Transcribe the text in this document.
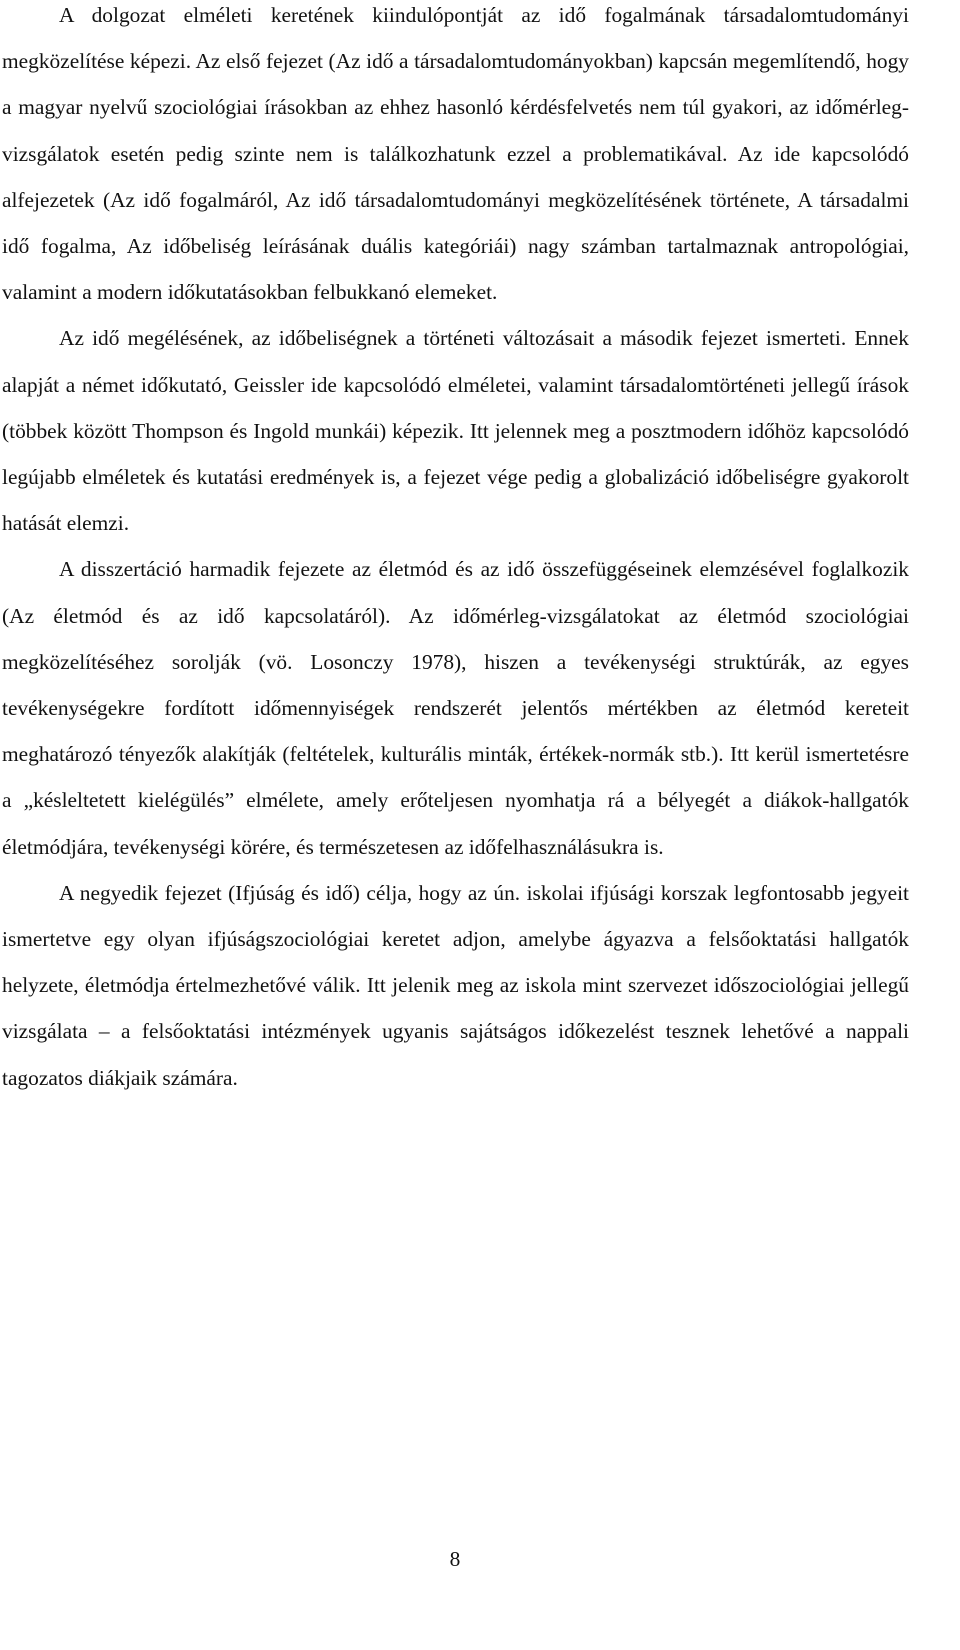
A dolgozat elméleti keretének kiindulópontját az idő fogalmának társadalomtudományi megközelítése képezi. Az első fejezet (Az idő a társadalomtudományokban) kapcsán megemlítendő, hogy a magyar nyelvű szociológiai írásokban az ehhez hasonló kérdésfelvetés nem túl gyakori, az időmérleg-vizsgálatok esetén pedig szinte nem is találkozhatunk ezzel a problematikával. Az ide kapcsolódó alfejezetek (Az idő fogalmáról, Az idő társadalomtudományi megközelítésének története, A társadalmi idő fogalma, Az időbeliség leírásának duális kategóriái) nagy számban tartalmaznak antropológiai, valamint a modern időkutatásokban felbukkanó elemeket.

Az idő megélésének, az időbeliségnek a történeti változásait a második fejezet ismerteti. Ennek alapját a német időkutató, Geissler ide kapcsolódó elméletei, valamint társadalomtörténeti jellegű írások (többek között Thompson és Ingold munkái) képezik. Itt jelennek meg a posztmodern időhöz kapcsolódó legújabb elméletek és kutatási eredmények is, a fejezet vége pedig a globalizáció időbeliségre gyakorolt hatását elemzi.

A disszertáció harmadik fejezete az életmód és az idő összefüggéseinek elemzésével foglalkozik (Az életmód és az idő kapcsolatáról). Az időmérleg-vizsgálatokat az életmód szociológiai megközelítéséhez sorolják (vö. Losonczy 1978), hiszen a tevékenységi struktúrák, az egyes tevékenységekre fordított időmennyiségek rendszerét jelentős mértékben az életmód kereteit meghatározó tényezők alakítják (feltételek, kulturális minták, értékek-normák stb.). Itt kerül ismertetésre a „késleltetett kielégülés” elmélete, amely erőteljesen nyomhatja rá a bélyegét a diákok-hallgatók életmódjára, tevékenységi körére, és természetesen az időfelhasználásukra is.

A negyedik fejezet (Ifjúság és idő) célja, hogy az ún. iskolai ifjúsági korszak legfontosabb jegyeit ismertetve egy olyan ifjúságszociológiai keretet adjon, amelybe ágyazva a felsőoktatási hallgatók helyzete, életmódja értelmezhetővé válik. Itt jelenik meg az iskola mint szervezet időszociológiai jellegű vizsgálata – a felsőoktatási intézmények ugyanis sajátságos időkezelést tesznek lehetővé a nappali tagozatos diákjaik számára.

8
